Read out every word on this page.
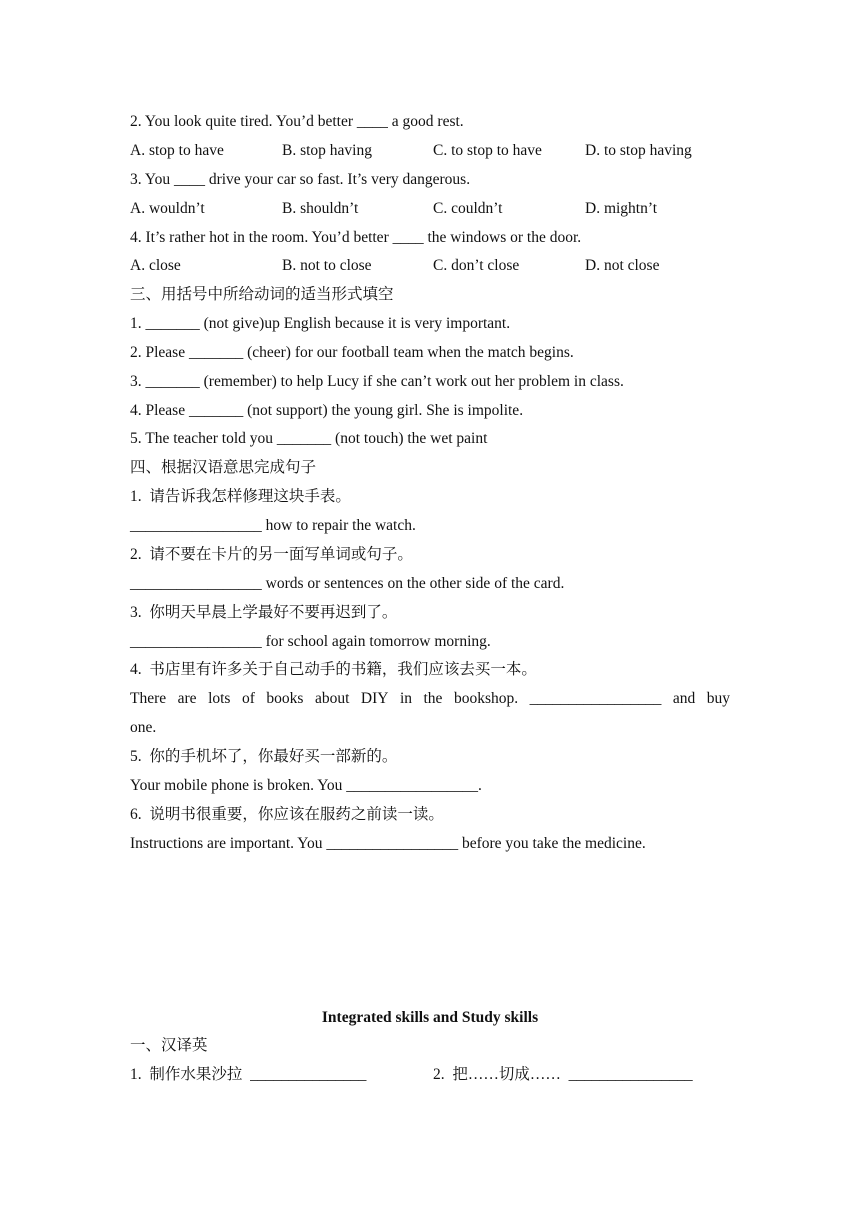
2. You look quite tired. You’d better ____ a good rest.
A. stop to have	B. stop having	C. to stop to have	D. to stop having
3. You ____ drive your car so fast. It’s very dangerous.
A. wouldn’t	B. shouldn’t	C. couldn’t	D. mightn’t
4. It’s rather hot in the room. You’d better ____ the windows or the door.
A. close	B. not to close	C. don’t close	D. not close
三、用括号中所给动词的适当形式填空
1. _______ (not give)up English because it is very important.
2. Please _______ (cheer) for our football team when the match begins.
3. _______ (remember) to help Lucy if she can’t work out her problem in class.
4. Please _______ (not support) the young girl. She is impolite.
5. The teacher told you _______ (not touch) the wet paint
四、根据汉语意思完成句子
1.  请告诉我怎样修理这块手表。
_________________ how to repair the watch.
2.  请不要在卡片的另一面写单词或句子。
_________________ words or sentences on the other side of the card.
3.  你明天早晨上学最好不要再迟到了。
_________________ for school again tomorrow morning.
4.  书店里有许多关于自己动手的书籍，我们应该去买一本。
There are lots of books about DIY in the bookshop. _________________ and buy
one.
5.  你的手机坏了，你最好买一部新的。
Your mobile phone is broken. You _________________.
6.  说明书很重要，你应该在服药之前读一读。
Instructions are important. You _________________ before you take the medicine.
Integrated skills and Study skills
一、汉译英
1.  制作水果沙拉  _______________	2.  把……切成……  ________________
